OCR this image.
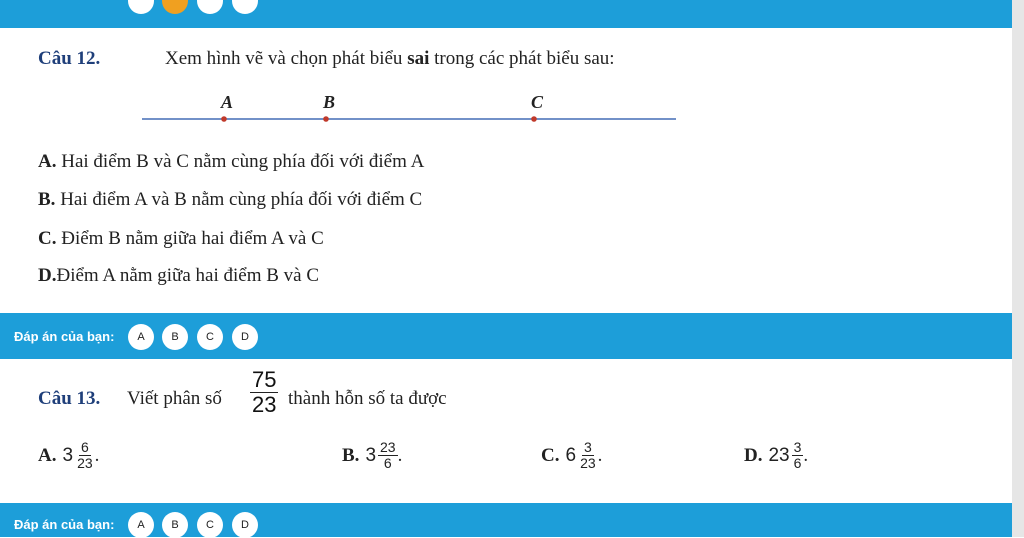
Câu 12.	Xem hình vẽ và chọn phát biểu sai trong các phát biểu sau:
A	B	C
A. Hai điểm B và C nằm cùng phía đối với điểm A
B. Hai điểm A và B nằm cùng phía đối với điểm C
C. Điểm B nằm giữa hai điểm A và C
D.Điểm A nằm giữa hai điểm B và C
Đáp án của bạn:	A	B	C	D
Câu 13. Viết phân số $\frac{75}{23}$ thành hỗn số ta được
A. $3 \frac{6}{23}$ .	B. $3 \frac{23}{6}$ .	C. $6 \frac{3}{23}$ .	D. $23 \frac{3}{6}$ .
Đáp án của bạn:	A	B	C	D
